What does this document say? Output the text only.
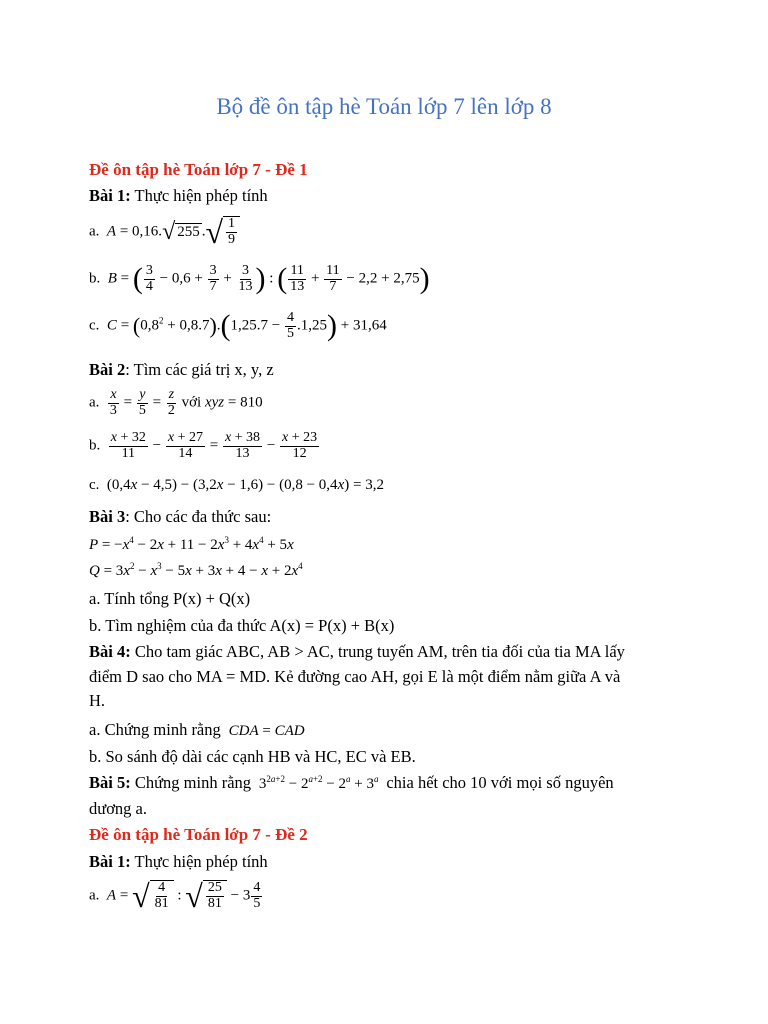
Bộ đề ôn tập hè Toán lớp 7 lên lớp 8
Đề ôn tập hè Toán lớp 7 - Đề 1
Bài 1: Thực hiện phép tính
a. A = 0,16. √ 255 . √ $\frac{1}{9}$
b. B = ( $\frac{3}{4} - 0,6 + \frac{3}{7} + \frac{3}{13}$ ) : ( $\frac{11}{13} + \frac{11}{7} - 2,2 + 2,75$)
c. $C = (0,8^2 + 0,8.7).(1,25.7 - \frac{4}{5} .1,25) + 31,64$
Bài 2: Tìm các giá trị x, y, z
a. $\frac{x}{3} = \frac{y}{5} = \frac{z}{2}$ với xyz = 810
b. $\frac{x + 32}{11} - \frac{x + 27}{14} = \frac{x + 38}{13} - \frac{x + 23}{12}$
c.  (0,4x − 4,5) − (3,2x − 1,6) − (0,8 − 0,4x) = 3,2
Bài 3: Cho các đa thức sau:
$P = -x^4 - 2x + 11 - 2x^3 + 4x^4 + 5x$
$Q = 3x^2 - x^3 - 5x + 3x + 4 - x + 2x^4$
a. Tính tổng P(x) + Q(x)
b. Tìm nghiệm của đa thức A(x) = P(x) + B(x)
Bài 4: Cho tam giác ABC, AB > AC, trung tuyến AM, trên tia đối của tia MA lấy
điểm D sao cho MA = MD. Kẻ đường cao AH, gọi E là một điểm nằm giữa A và
H.
a. Chứng minh rằng CDA = CAD
b. So sánh độ dài các cạnh HB và HC, EC và EB.
Bài 5: Chứng minh rằng  $3^{2a+2} - 2^{a+2} - 2^a + 3^a$ chia hết cho 10 với mọi số nguyên
dương a.
Đề ôn tập hè Toán lớp 7 - Đề 2
Bài 1: Thực hiện phép tính
a. A = √ $\frac{4}{81}$ : √ $\frac{25}{81} - 3 \frac{4}{5}$
